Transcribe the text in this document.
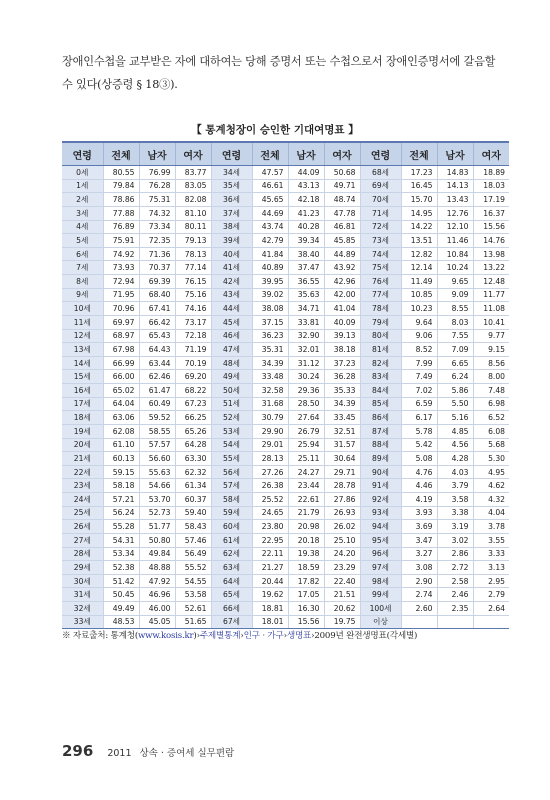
장애인수첩을 교부받은 자에 대하여는 당해 증명서 또는 수첩으로서 장애인증명서에 갈음할 수 있다(상증령 § 18③).
【 통계청장이 승인한 기대여명표 】
연령	전체	남자	여자	연령	전체	남자	여자	연령	전체	남자	여자
0세	80.55	76.99	83.77	34세	47.57	44.09	50.68	68세	17.23	14.83	18.89
1세	79.84	76.28	83.05	35세	46.61	43.13	49.71	69세	16.45	14.13	18.03
2세	78.86	75.31	82.08	36세	45.65	42.18	48.74	70세	15.70	13.43	17.19
3세	77.88	74.32	81.10	37세	44.69	41.23	47.78	71세	14.95	12.76	16.37
4세	76.89	73.34	80.11	38세	43.74	40.28	46.81	72세	14.22	12.10	15.56
5세	75.91	72.35	79.13	39세	42.79	39.34	45.85	73세	13.51	11.46	14.76
6세	74.92	71.36	78.13	40세	41.84	38.40	44.89	74세	12.82	10.84	13.98
7세	73.93	70.37	77.14	41세	40.89	37.47	43.92	75세	12.14	10.24	13.22
8세	72.94	69.39	76.15	42세	39.95	36.55	42.96	76세	11.49	9.65	12.48
9세	71.95	68.40	75.16	43세	39.02	35.63	42.00	77세	10.85	9.09	11.77
10세	70.96	67.41	74.16	44세	38.08	34.71	41.04	78세	10.23	8.55	11.08
11세	69.97	66.42	73.17	45세	37.15	33.81	40.09	79세	9.64	8.03	10.41
12세	68.97	65.43	72.18	46세	36.23	32.90	39.13	80세	9.06	7.55	9.77
13세	67.98	64.43	71.19	47세	35.31	32.01	38.18	81세	8.52	7.09	9.15
14세	66.99	63.44	70.19	48세	34.39	31.12	37.23	82세	7.99	6.65	8.56
15세	66.00	62.46	69.20	49세	33.48	30.24	36.28	83세	7.49	6.24	8.00
16세	65.02	61.47	68.22	50세	32.58	29.36	35.33	84세	7.02	5.86	7.48
17세	64.04	60.49	67.23	51세	31.68	28.50	34.39	85세	6.59	5.50	6.98
18세	63.06	59.52	66.25	52세	30.79	27.64	33.45	86세	6.17	5.16	6.52
19세	62.08	58.55	65.26	53세	29.90	26.79	32.51	87세	5.78	4.85	6.08
20세	61.10	57.57	64.28	54세	29.01	25.94	31.57	88세	5.42	4.56	5.68
21세	60.13	56.60	63.30	55세	28.13	25.11	30.64	89세	5.08	4.28	5.30
22세	59.15	55.63	62.32	56세	27.26	24.27	29.71	90세	4.76	4.03	4.95
23세	58.18	54.66	61.34	57세	26.38	23.44	28.78	91세	4.46	3.79	4.62
24세	57.21	53.70	60.37	58세	25.52	22.61	27.86	92세	4.19	3.58	4.32
25세	56.24	52.73	59.40	59세	24.65	21.79	26.93	93세	3.93	3.38	4.04
26세	55.28	51.77	58.43	60세	23.80	20.98	26.02	94세	3.69	3.19	3.78
27세	54.31	50.80	57.46	61세	22.95	20.18	25.10	95세	3.47	3.02	3.55
28세	53.34	49.84	56.49	62세	22.11	19.38	24.20	96세	3.27	2.86	3.33
29세	52.38	48.88	55.52	63세	21.27	18.59	23.29	97세	3.08	2.72	3.13
30세	51.42	47.92	54.55	64세	20.44	17.82	22.40	98세	2.90	2.58	2.95
31세	50.45	46.96	53.58	65세	19.62	17.05	21.51	99세	2.74	2.46	2.79
32세	49.49	46.00	52.61	66세	18.81	16.30	20.62	100세	2.60	2.35	2.64
33세	48.53	45.05	51.65	67세	18.01	15.56	19.75	이상			
※ 자료출처: 통계청(www.kosis.kr)›주제별통계›인구 · 가구›생명표›2009년 완전생명표(각세별)
296 2011 상속 · 증여세 실무편람
